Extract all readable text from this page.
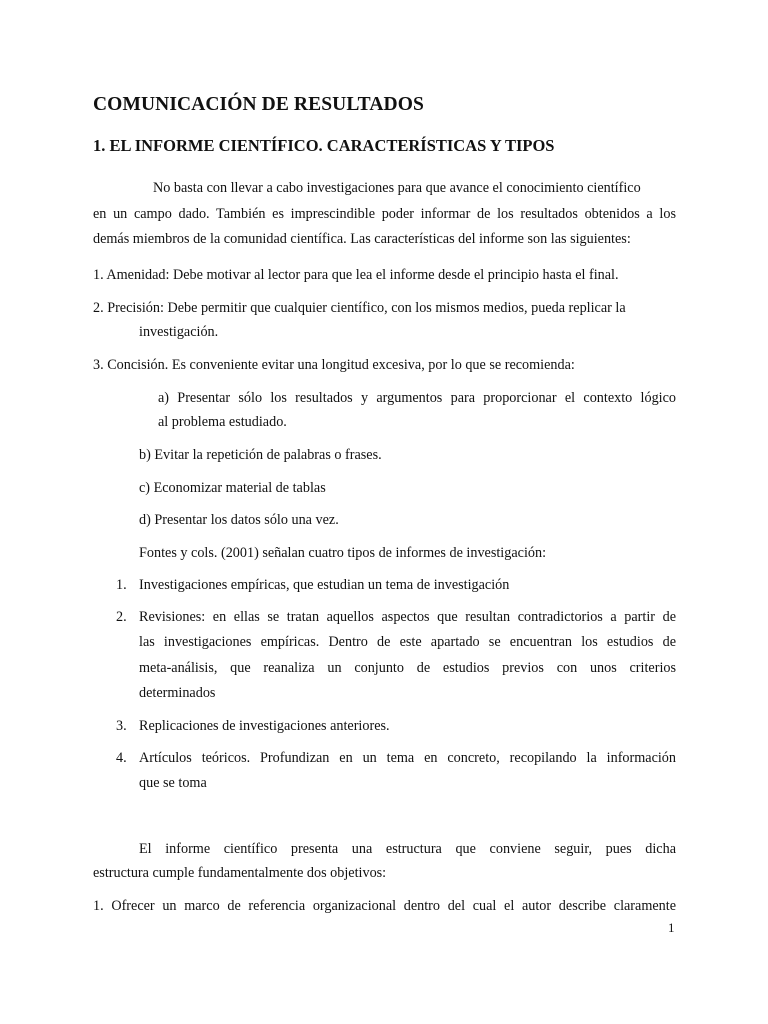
COMUNICACIÓN DE RESULTADOS
1. EL INFORME CIENTÍFICO. CARACTERÍSTICAS Y TIPOS
No basta con llevar a cabo investigaciones para que avance el conocimiento científico
en un campo dado. También es imprescindible poder informar de los resultados obtenidos a los
demás miembros de la comunidad científica. Las características del informe son las siguientes:
1. Amenidad: Debe motivar al lector para que lea el informe desde el principio hasta el final.
2. Precisión: Debe permitir que cualquier científico, con los mismos medios, pueda replicar la
investigación.
3. Concisión. Es conveniente evitar una longitud excesiva, por lo que se recomienda:
a) Presentar sólo los resultados y argumentos para proporcionar el contexto lógico
al problema estudiado.
b) Evitar la repetición de palabras o frases.
c) Economizar material de tablas
d) Presentar los datos sólo una vez.
Fontes y cols. (2001) señalan cuatro tipos de informes de investigación:
1. Investigaciones empíricas, que estudian un tema de investigación
2. Revisiones: en ellas se tratan aquellos aspectos que resultan contradictorios a partir de
las investigaciones empíricas. Dentro de este apartado se encuentran los estudios de
meta-análisis, que reanaliza un conjunto de estudios previos con unos criterios
determinados
3. Replicaciones de investigaciones anteriores.
4. Artículos teóricos. Profundizan en un tema en concreto, recopilando la información
que se toma
El informe científico presenta una estructura que conviene seguir, pues dicha
estructura cumple fundamentalmente dos objetivos:
1. Ofrecer un marco de referencia organizacional dentro del cual el autor describe claramente
1
